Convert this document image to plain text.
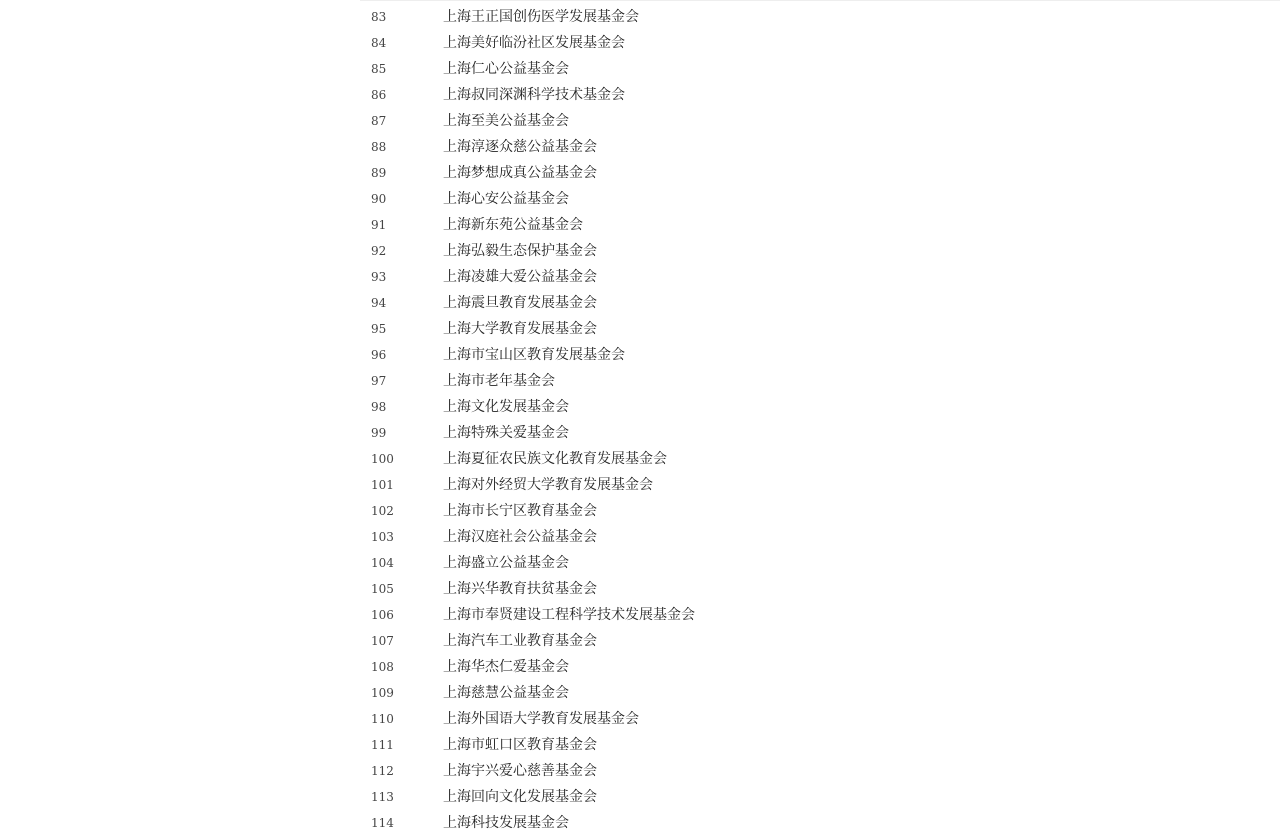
83	上海王正国创伤医学发展基金会
84	上海美好临汾社区发展基金会
85	上海仁心公益基金会
86	上海叔同深渊科学技术基金会
87	上海至美公益基金会
88	上海淳逐众慈公益基金会
89	上海梦想成真公益基金会
90	上海心安公益基金会
91	上海新东苑公益基金会
92	上海弘毅生态保护基金会
93	上海凌雄大爱公益基金会
94	上海震旦教育发展基金会
95	上海大学教育发展基金会
96	上海市宝山区教育发展基金会
97	上海市老年基金会
98	上海文化发展基金会
99	上海特殊关爱基金会
100	上海夏征农民族文化教育发展基金会
101	上海对外经贸大学教育发展基金会
102	上海市长宁区教育基金会
103	上海汉庭社会公益基金会
104	上海盛立公益基金会
105	上海兴华教育扶贫基金会
106	上海市奉贤建设工程科学技术发展基金会
107	上海汽车工业教育基金会
108	上海华杰仁爱基金会
109	上海慈慧公益基金会
110	上海外国语大学教育发展基金会
111	上海市虹口区教育基金会
112	上海宇兴爱心慈善基金会
113	上海回向文化发展基金会
114	上海科技发展基金会
